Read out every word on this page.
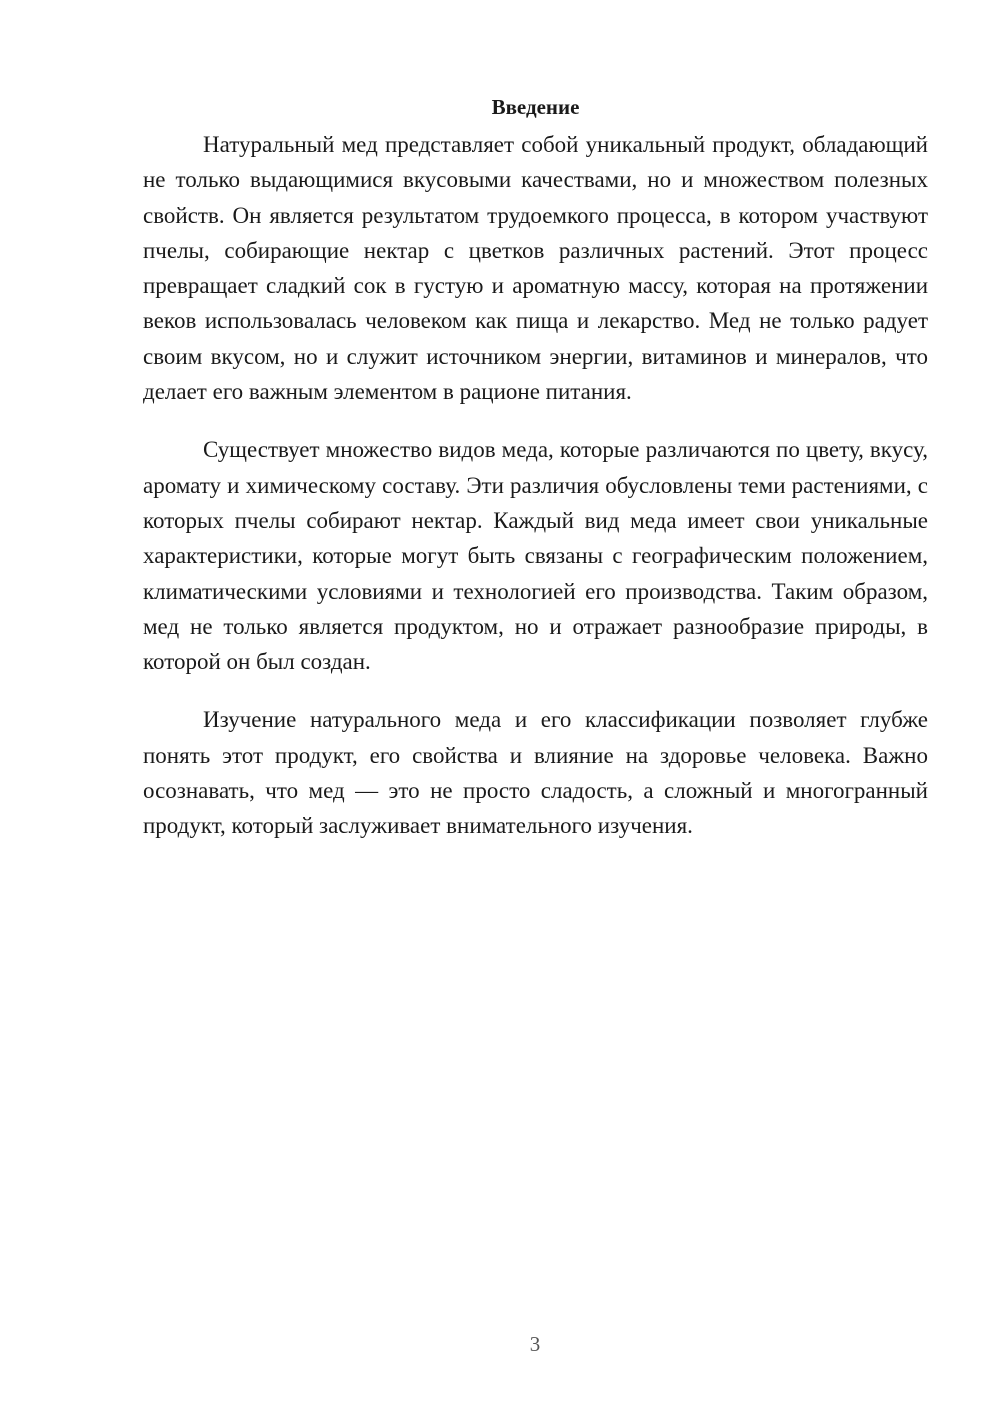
Введение

Натуральный мед представляет собой уникальный продукт, обладающий не только выдающимися вкусовыми качествами, но и множеством полезных свойств. Он является результатом трудоемкого процесса, в котором участвуют пчелы, собирающие нектар с цветков различных растений. Этот процесс превращает сладкий сок в густую и ароматную массу, которая на протяжении веков использовалась человеком как пища и лекарство. Мед не только радует своим вкусом, но и служит источником энергии, витаминов и минералов, что делает его важным элементом в рационе питания.

Существует множество видов меда, которые различаются по цвету, вкусу, аромату и химическому составу. Эти различия обусловлены теми растениями, с которых пчелы собирают нектар. Каждый вид меда имеет свои уникальные характеристики, которые могут быть связаны с географическим положением, климатическими условиями и технологией его производства. Таким образом, мед не только является продуктом, но и отражает разнообразие природы, в которой он был создан.

Изучение натурального меда и его классификации позволяет глубже понять этот продукт, его свойства и влияние на здоровье человека. Важно осознавать, что мед — это не просто сладость, а сложный и многогранный продукт, который заслуживает внимательного изучения.

3
